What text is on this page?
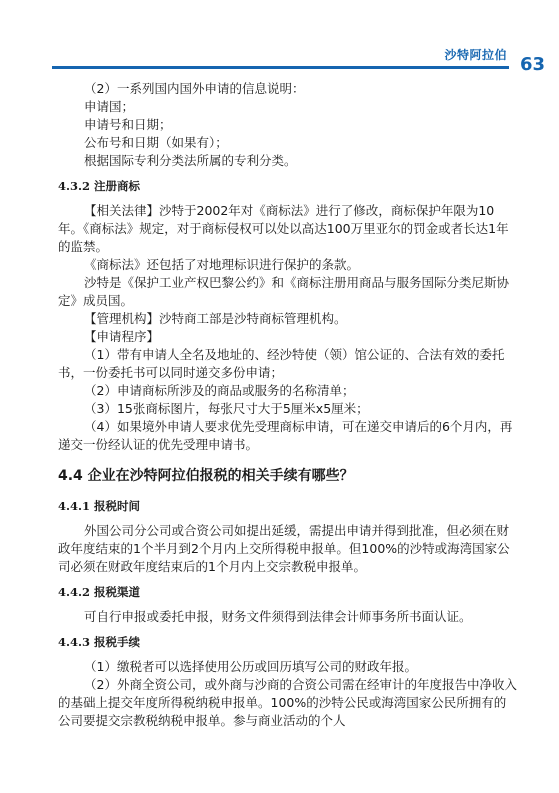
沙特阿拉伯 63

（2）一系列国内国外申请的信息说明：

申请国；

申请号和日期；

公布号和日期（如果有）；

根据国际专利分类法所属的专利分类。

4.3.2 注册商标

【相关法律】沙特于2002年对《商标法》进行了修改，商标保护年限为10年。《商标法》规定，对于商标侵权可以处以高达100万里亚尔的罚金或者长达1年的监禁。

《商标法》还包括了对地理标识进行保护的条款。

沙特是《保护工业产权巴黎公约》和《商标注册用商品与服务国际分类尼斯协定》成员国。

【管理机构】沙特商工部是沙特商标管理机构。

【申请程序】

（1）带有申请人全名及地址的、经沙特使（领）馆公证的、合法有效的委托书，一份委托书可以同时递交多份申请；

（2）申请商标所涉及的商品或服务的名称清单；

（3）15张商标图片，每张尺寸大于5厘米x5厘米；

（4）如果境外申请人要求优先受理商标申请，可在递交申请后的6个月内，再递交一份经认证的优先受理申请书。

4.4 企业在沙特阿拉伯报税的相关手续有哪些？
4.4.1 报税时间

外国公司分公司或合资公司如提出延缓，需提出申请并得到批准，但必须在财政年度结束的1个半月到2个月内上交所得税申报单。但100%的沙特或海湾国家公司必须在财政年度结束后的1个月内上交宗教税申报单。

4.4.2 报税渠道

可自行申报或委托申报，财务文件须得到法律会计师事务所书面认证。

4.4.3 报税手续

（1）缴税者可以选择使用公历或回历填写公司的财政年报。

（2）外商全资公司，或外商与沙商的合资公司需在经审计的年度报告中净收入的基础上提交年度所得税纳税申报单。100%的沙特公民或海湾国家公民所拥有的公司要提交宗教税纳税申报单。参与商业活动的个人
